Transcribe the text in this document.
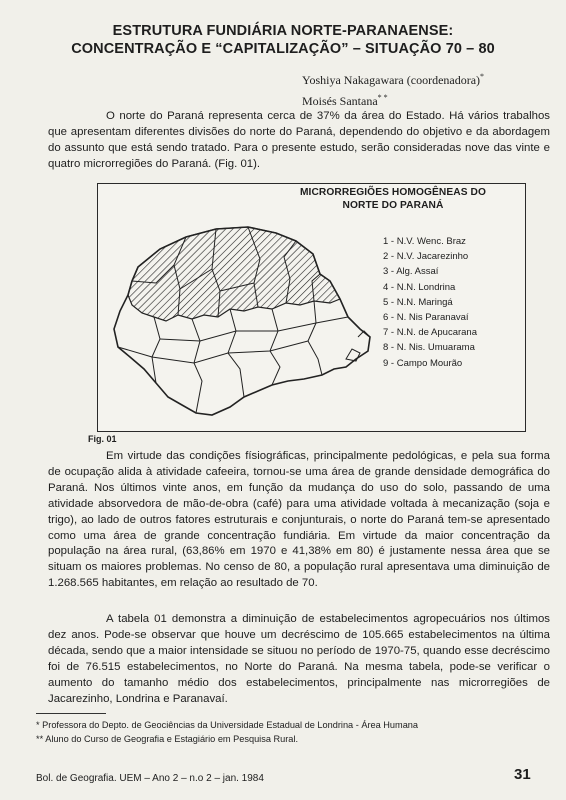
ESTRUTURA FUNDIÁRIA NORTE-PARANAENSE:
CONCENTRAÇÃO E “CAPITALIZAÇÃO” – SITUAÇÃO 70 – 80
Yoshiya Nakagawara (coordenadora)*
Moisés Santana* *

O norte do Paraná representa cerca de 37% da área do Estado. Há vários trabalhos que apresentam diferentes divisões do norte do Paraná, dependendo do objetivo e da abordagem do assunto que está sendo tratado. Para o presente estudo, serão consideradas nove das vinte e quatro microrregiões do Paraná. (Fig. 01).

MICRORREGIÕES HOMOGÊNEAS DO
NORTE DO PARANÁ
1 - N.V. Wenc. Braz
2 - N.V. Jacarezinho
3 - Alg. Assaí
4 - N.N. Londrina
5 - N.N. Maringá
6 - N. Nis Paranavaí
7 - N.N. de Apucarana
8 - N. Nis. Umuarama
9 - Campo Mourão
Fig. 01

Em virtude das condições físiográficas, principalmente pedológicas, e pela sua forma de ocupação alida à atividade cafeeira, tornou-se uma área de grande densidade demográfica do Paraná. Nos últimos vinte anos, em função da mudança do uso do solo, passando de uma atividade absorvedora de mão-de-obra (café) para uma atividade voltada à mecanização (soja e trigo), ao lado de outros fatores estruturais e conjunturais, o norte do Paraná tem-se apresentado como uma área de grande concentração fundiária. Em virtude da maior concentração da população na área rural, (63,86% em 1970 e 41,38% em 80) é justamente nessa área que se situam os maiores problemas. No censo de 80, a população rural apresentava uma diminuição de 1.268.565 habitantes, em relação ao resultado de 70.

A tabela 01 demonstra a diminuição de estabelecimentos agropecuários nos últimos dez anos. Pode-se observar que houve um decréscimo de 105.665 estabelecimentos na última década, sendo que a maior intensidade se situou no período de 1970-75, quando esse decréscimo foi de 76.515 estabelecimentos, no Norte do Paraná. Na mesma tabela, pode-se verificar o aumento do tamanho médio dos estabelecimentos, principalmente nas microrregiões de Jacarezinho, Londrina e Paranavaí.

* Professora do Depto. de Geociências da Universidade Estadual de Londrina - Área Humana
** Aluno do Curso de Geografia e Estagiário em Pesquisa Rural.
Bol. de Geografia. UEM – Ano 2 – n.o 2 – jan. 1984	31
